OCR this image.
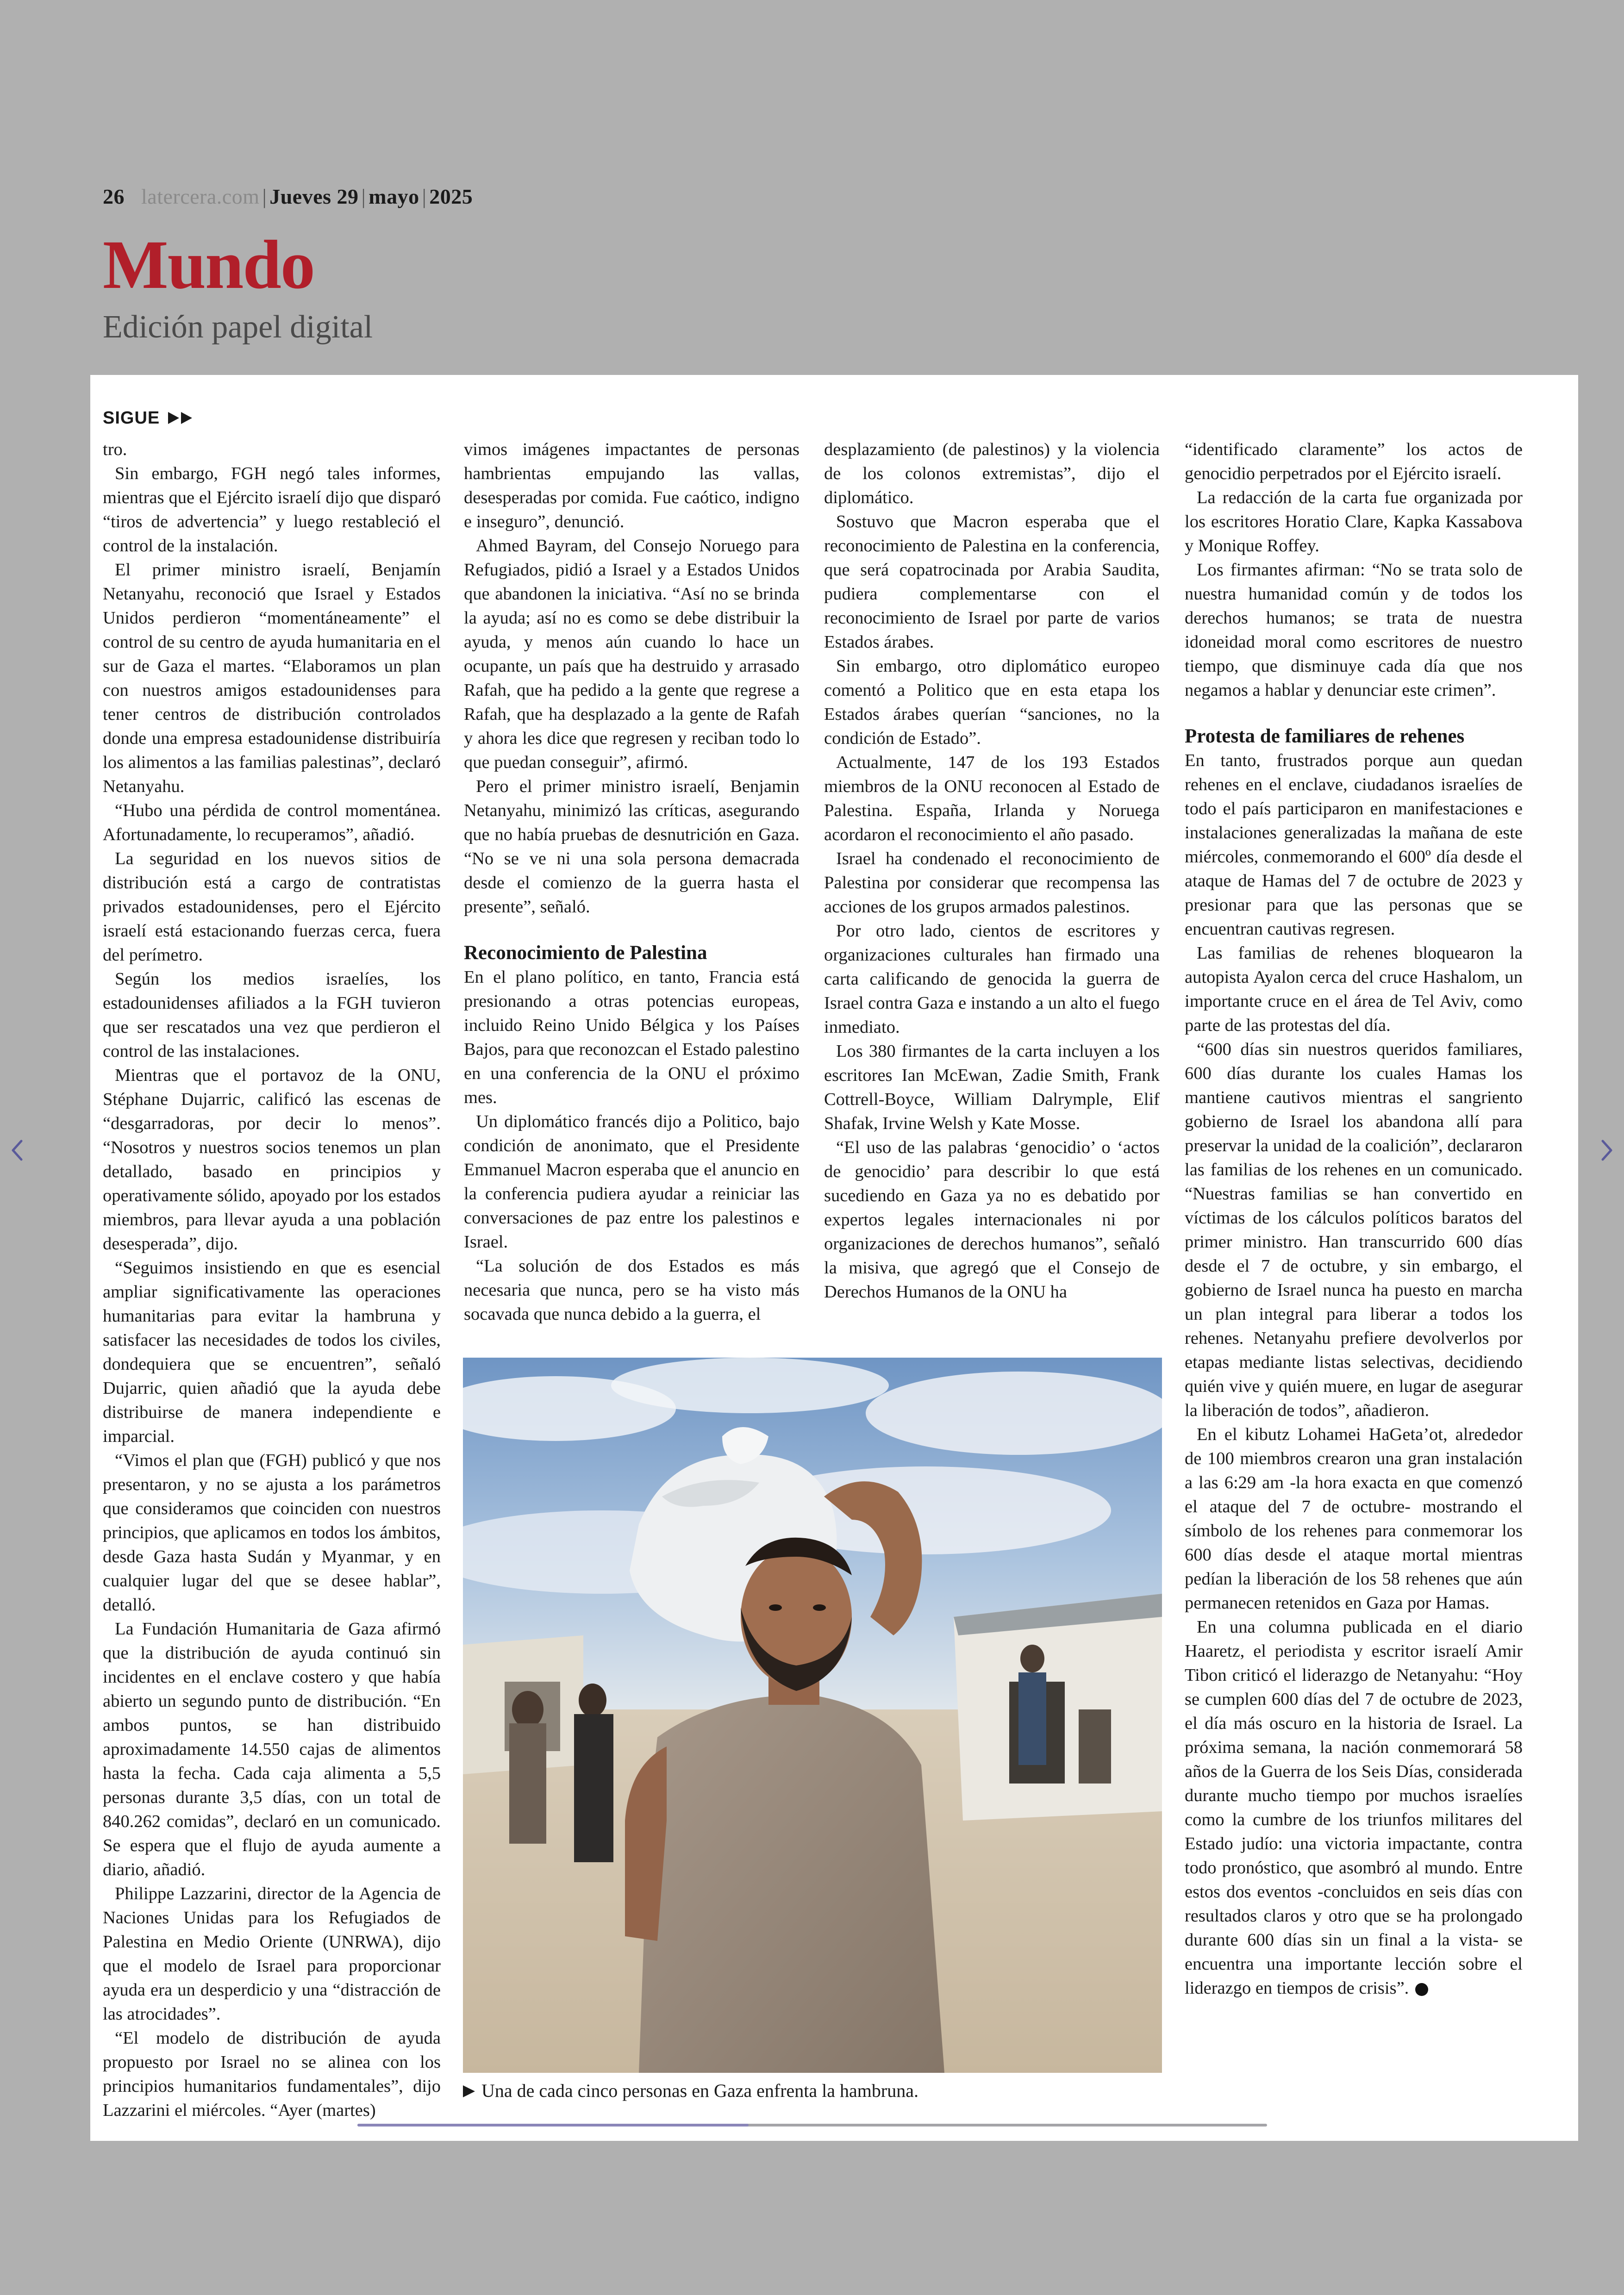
26 latercera.com | Jueves 29 | mayo | 2025
Mundo
Edición papel digital
SIGUE

tro.

Sin embargo, FGH negó tales informes, mientras que el Ejército israelí dijo que disparó “tiros de advertencia” y luego restableció el control de la instalación.

El primer ministro israelí, Benjamín Netanyahu, reconoció que Israel y Estados Unidos perdieron “momentáneamente” el control de su centro de ayuda humanitaria en el sur de Gaza el martes. “Elaboramos un plan con nuestros amigos estadounidenses para tener centros de distribución controlados donde una empresa estadounidense distribuiría los alimentos a las familias palestinas”, declaró Netanyahu.

“Hubo una pérdida de control momentánea. Afortunadamente, lo recuperamos”, añadió.

La seguridad en los nuevos sitios de distribución está a cargo de contratistas privados estadounidenses, pero el Ejército israelí está estacionando fuerzas cerca, fuera del perímetro.

Según los medios israelíes, los estadounidenses afiliados a la FGH tuvieron que ser rescatados una vez que perdieron el control de las instalaciones.

Mientras que el portavoz de la ONU, Stéphane Dujarric, calificó las escenas de “desgarradoras, por decir lo menos”. “Nosotros y nuestros socios tenemos un plan detallado, basado en principios y operativamente sólido, apoyado por los estados miembros, para llevar ayuda a una población desesperada”, dijo.

“Seguimos insistiendo en que es esencial ampliar significativamente las operaciones humanitarias para evitar la hambruna y satisfacer las necesidades de todos los civiles, dondequiera que se encuentren”, señaló Dujarric, quien añadió que la ayuda debe distribuirse de manera independiente e imparcial.

“Vimos el plan que (FGH) publicó y que nos presentaron, y no se ajusta a los parámetros que consideramos que coinciden con nuestros principios, que aplicamos en todos los ámbitos, desde Gaza hasta Sudán y Myanmar, y en cualquier lugar del que se desee hablar”, detalló.

La Fundación Humanitaria de Gaza afirmó que la distribución de ayuda continuó sin incidentes en el enclave costero y que había abierto un segundo punto de distribución. “En ambos puntos, se han distribuido aproximadamente 14.550 cajas de alimentos hasta la fecha. Cada caja alimenta a 5,5 personas durante 3,5 días, con un total de 840.262 comidas”, declaró en un comunicado. Se espera que el flujo de ayuda aumente a diario, añadió.

Philippe Lazzarini, director de la Agencia de Naciones Unidas para los Refugiados de Palestina en Medio Oriente (UNRWA), dijo que el modelo de Israel para proporcionar ayuda era un desperdicio y una “distracción de las atrocidades”.

“El modelo de distribución de ayuda propuesto por Israel no se alinea con los principios humanitarios fundamentales”, dijo Lazzarini el miércoles. “Ayer (martes)

vimos imágenes impactantes de personas hambrientas empujando las vallas, desesperadas por comida. Fue caótico, indigno e inseguro”, denunció.

Ahmed Bayram, del Consejo Noruego para Refugiados, pidió a Israel y a Estados Unidos que abandonen la iniciativa. “Así no se brinda la ayuda; así no es como se debe distribuir la ayuda, y menos aún cuando lo hace un ocupante, un país que ha destruido y arrasado Rafah, que ha pedido a la gente que regrese a Rafah, que ha desplazado a la gente de Rafah y ahora les dice que regresen y reciban todo lo que puedan conseguir”, afirmó.

Pero el primer ministro israelí, Benjamin Netanyahu, minimizó las críticas, asegurando que no había pruebas de desnutrición en Gaza. “No se ve ni una sola persona demacrada desde el comienzo de la guerra hasta el presente”, señaló.

Reconocimiento de Palestina

En el plano político, en tanto, Francia está presionando a otras potencias europeas, incluido Reino Unido Bélgica y los Países Bajos, para que reconozcan el Estado palestino en una conferencia de la ONU el próximo mes.

Un diplomático francés dijo a Politico, bajo condición de anonimato, que el Presidente Emmanuel Macron esperaba que el anuncio en la conferencia pudiera ayudar a reiniciar las conversaciones de paz entre los palestinos e Israel.

“La solución de dos Estados es más necesaria que nunca, pero se ha visto más socavada que nunca debido a la guerra, el

desplazamiento (de palestinos) y la violencia de los colonos extremistas”, dijo el diplomático.

Sostuvo que Macron esperaba que el reconocimiento de Palestina en la conferencia, que será copatrocinada por Arabia Saudita, pudiera complementarse con el reconocimiento de Israel por parte de varios Estados árabes.

Sin embargo, otro diplomático europeo comentó a Politico que en esta etapa los Estados árabes querían “sanciones, no la condición de Estado”.

Actualmente, 147 de los 193 Estados miembros de la ONU reconocen al Estado de Palestina. España, Irlanda y Noruega acordaron el reconocimiento el año pasado.

Israel ha condenado el reconocimiento de Palestina por considerar que recompensa las acciones de los grupos armados palestinos.

Por otro lado, cientos de escritores y organizaciones culturales han firmado una carta calificando de genocida la guerra de Israel contra Gaza e instando a un alto el fuego inmediato.

Los 380 firmantes de la carta incluyen a los escritores Ian McEwan, Zadie Smith, Frank Cottrell-Boyce, William Dalrymple, Elif Shafak, Irvine Welsh y Kate Mosse.

“El uso de las palabras ‘genocidio’ o ‘actos de genocidio’ para describir lo que está sucediendo en Gaza ya no es debatido por expertos legales internacionales ni por organizaciones de derechos humanos”, señaló la misiva, que agregó que el Consejo de Derechos Humanos de la ONU ha

“identificado claramente” los actos de genocidio perpetrados por el Ejército israelí.

La redacción de la carta fue organizada por los escritores Horatio Clare, Kapka Kassabova y Monique Roffey.

Los firmantes afirman: “No se trata solo de nuestra humanidad común y de todos los derechos humanos; se trata de nuestra idoneidad moral como escritores de nuestro tiempo, que disminuye cada día que nos negamos a hablar y denunciar este crimen”.

Protesta de familiares de rehenes

En tanto, frustrados porque aun quedan rehenes en el enclave, ciudadanos israelíes de todo el país participaron en manifestaciones e instalaciones generalizadas la mañana de este miércoles, conmemorando el 600º día desde el ataque de Hamas del 7 de octubre de 2023 y presionar para que las personas que se encuentran cautivas regresen.

Las familias de rehenes bloquearon la autopista Ayalon cerca del cruce Hashalom, un importante cruce en el área de Tel Aviv, como parte de las protestas del día.

“600 días sin nuestros queridos familiares, 600 días durante los cuales Hamas los mantiene cautivos mientras el sangriento gobierno de Israel los abandona allí para preservar la unidad de la coalición”, declararon las familias de los rehenes en un comunicado. “Nuestras familias se han convertido en víctimas de los cálculos políticos baratos del primer ministro. Han transcurrido 600 días desde el 7 de octubre, y sin embargo, el gobierno de Israel nunca ha puesto en marcha un plan integral para liberar a todos los rehenes. Netanyahu prefiere devolverlos por etapas mediante listas selectivas, decidiendo quién vive y quién muere, en lugar de asegurar la liberación de todos”, añadieron.

En el kibutz Lohamei HaGeta’ot, alrededor de 100 miembros crearon una gran instalación a las 6:29 am -la hora exacta en que comenzó el ataque del 7 de octubre- mostrando el símbolo de los rehenes para conmemorar los 600 días desde el ataque mortal mientras pedían la liberación de los 58 rehenes que aún permanecen retenidos en Gaza por Hamas.

En una columna publicada en el diario Haaretz, el periodista y escritor israelí Amir Tibon criticó el liderazgo de Netanyahu: “Hoy se cumplen 600 días del 7 de octubre de 2023, el día más oscuro en la historia de Israel. La próxima semana, la nación conmemorará 58 años de la Guerra de los Seis Días, considerada durante mucho tiempo por muchos israelíes como la cumbre de los triunfos militares del Estado judío: una victoria impactante, contra todo pronóstico, que asombró al mundo. Entre estos dos eventos -concluidos en seis días con resultados claros y otro que se ha prolongado durante 600 días sin un final a la vista- se encuentra una importante lección sobre el liderazgo en tiempos de crisis”.

Una de cada cinco personas en Gaza enfrenta la hambruna.
